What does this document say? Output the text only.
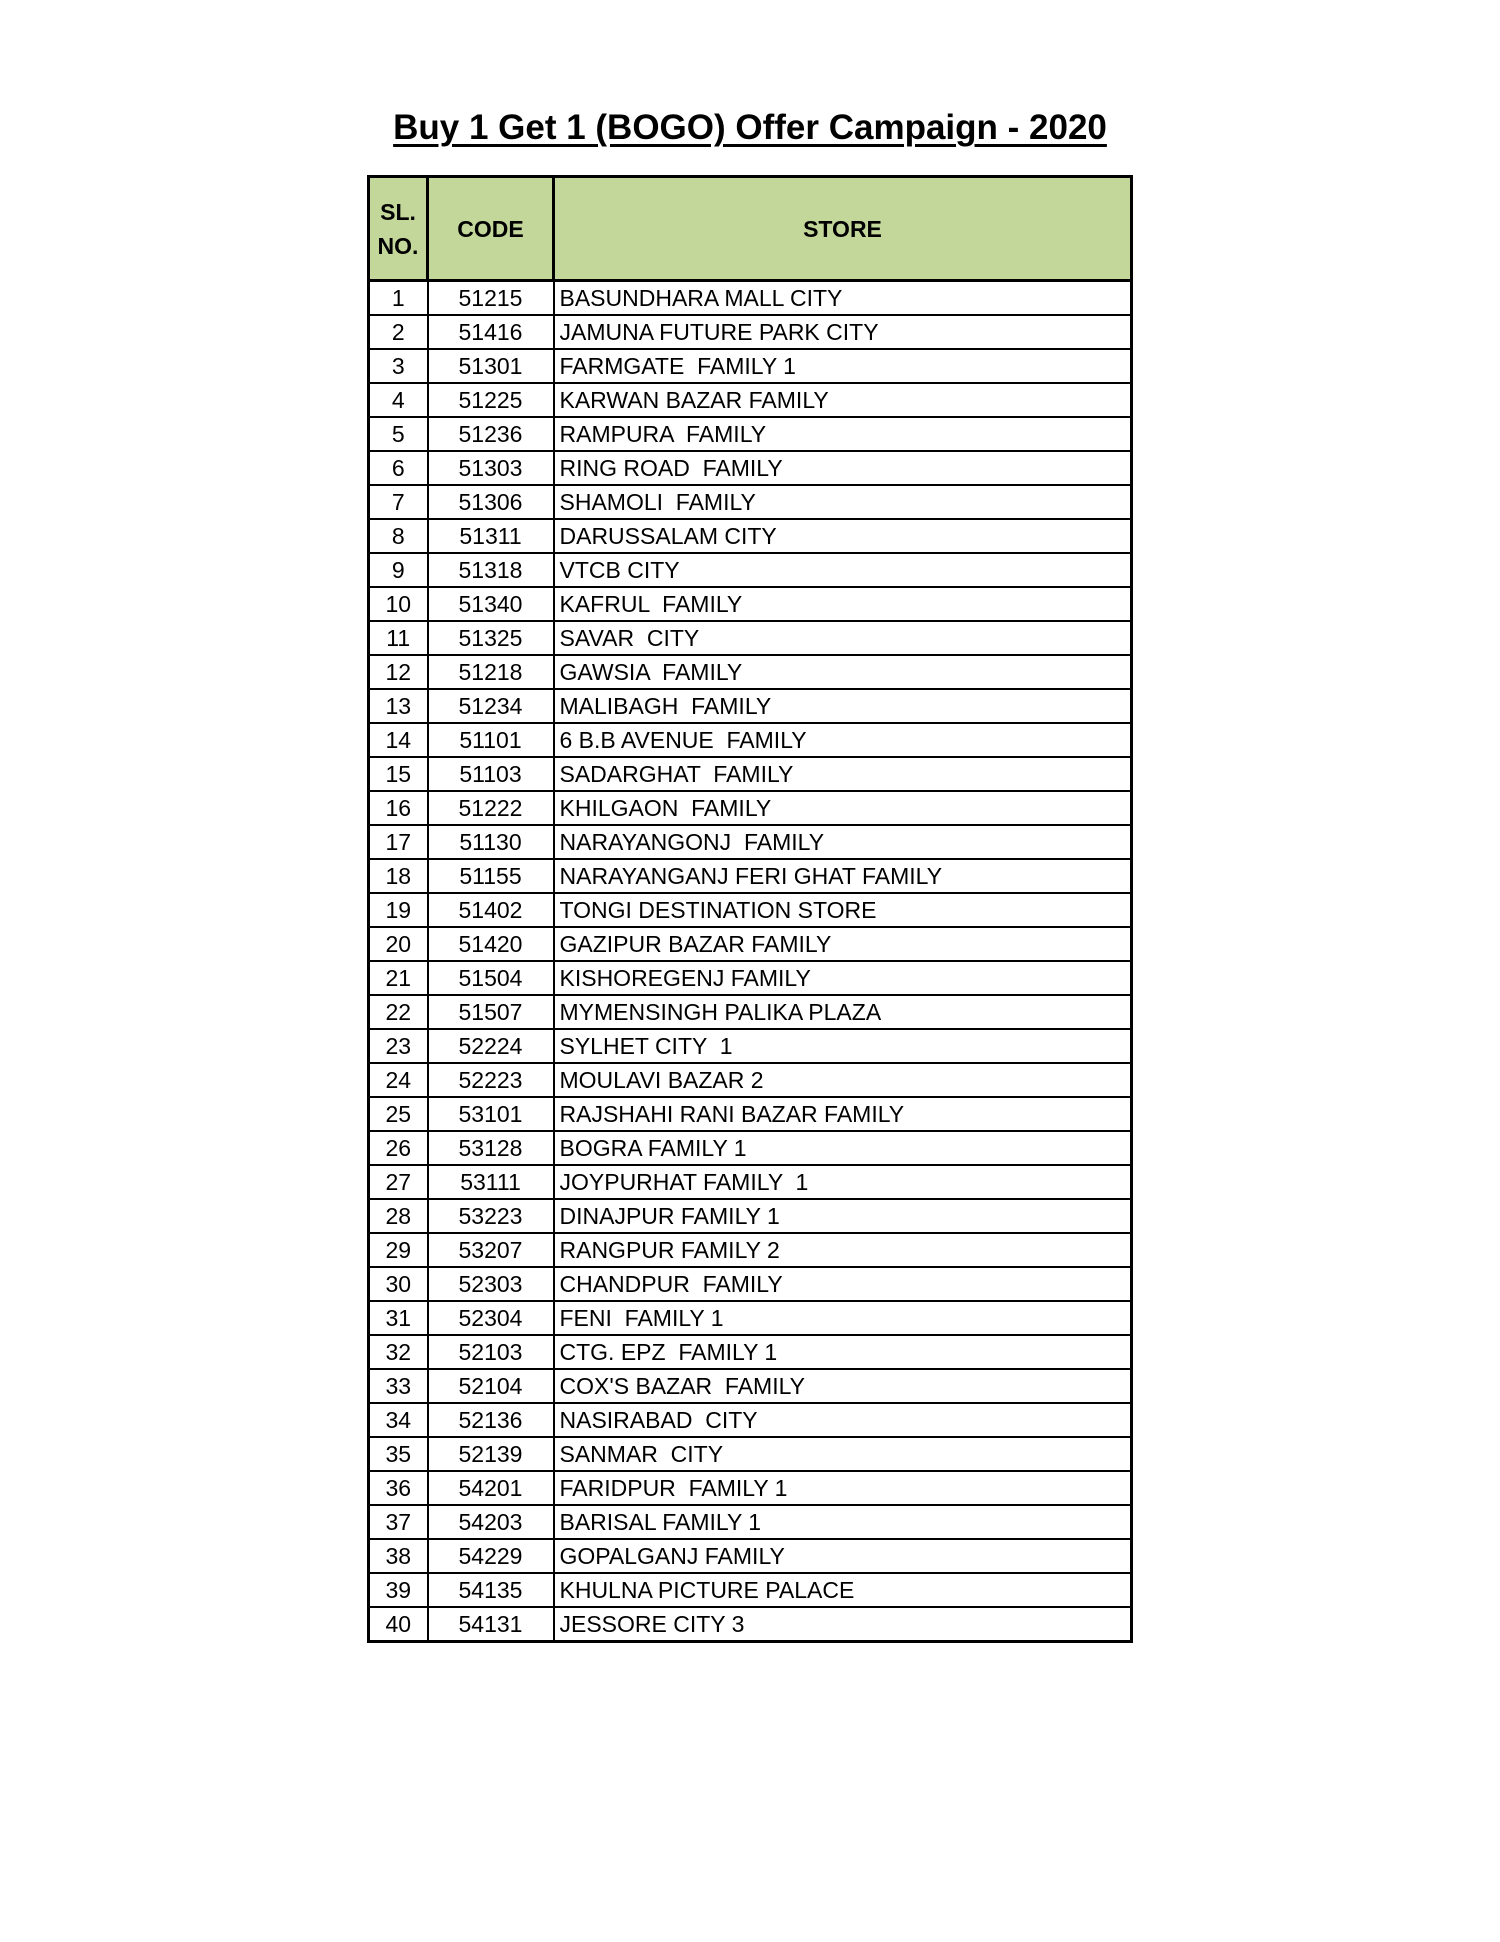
Buy 1 Get 1 (BOGO) Offer Campaign - 2020
SL.
NO.	CODE	STORE
1	51215	BASUNDHARA MALL CITY
2	51416	JAMUNA FUTURE PARK CITY
3	51301	FARMGATE  FAMILY 1
4	51225	KARWAN BAZAR FAMILY
5	51236	RAMPURA  FAMILY
6	51303	RING ROAD  FAMILY
7	51306	SHAMOLI  FAMILY
8	51311	DARUSSALAM CITY
9	51318	VTCB CITY
10	51340	KAFRUL  FAMILY
11	51325	SAVAR  CITY
12	51218	GAWSIA  FAMILY
13	51234	MALIBAGH  FAMILY
14	51101	6 B.B AVENUE  FAMILY
15	51103	SADARGHAT  FAMILY
16	51222	KHILGAON  FAMILY
17	51130	NARAYANGONJ  FAMILY
18	51155	NARAYANGANJ FERI GHAT FAMILY
19	51402	TONGI DESTINATION STORE
20	51420	GAZIPUR BAZAR FAMILY
21	51504	KISHOREGENJ FAMILY
22	51507	MYMENSINGH PALIKA PLAZA
23	52224	SYLHET CITY  1
24	52223	MOULAVI BAZAR 2
25	53101	RAJSHAHI RANI BAZAR FAMILY
26	53128	BOGRA FAMILY 1
27	53111	JOYPURHAT FAMILY  1
28	53223	DINAJPUR FAMILY 1
29	53207	RANGPUR FAMILY 2
30	52303	CHANDPUR  FAMILY
31	52304	FENI  FAMILY 1
32	52103	CTG. EPZ  FAMILY 1
33	52104	COX'S BAZAR  FAMILY
34	52136	NASIRABAD  CITY
35	52139	SANMAR  CITY
36	54201	FARIDPUR  FAMILY 1
37	54203	BARISAL FAMILY 1
38	54229	GOPALGANJ FAMILY
39	54135	KHULNA PICTURE PALACE
40	54131	JESSORE CITY 3
